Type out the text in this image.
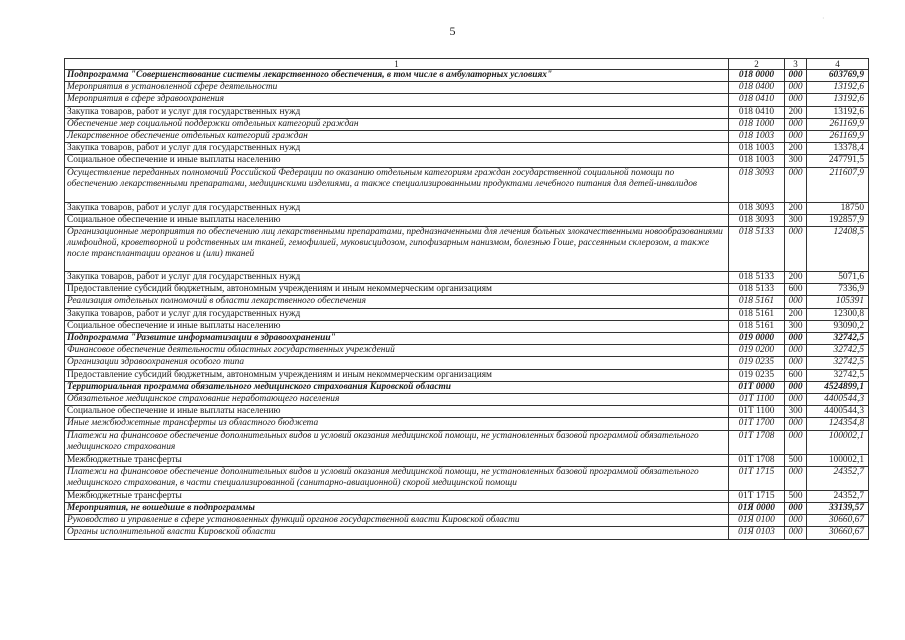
5
1	2	3	4
Подпрограмма "Совершенствование системы лекарственного обеспечения, в том числе в амбулаторных условиях"	018 0000	000	603769,9
Мероприятия в установленной сфере деятельности	018 0400	000	13192,6
Мероприятия в сфере здравоохранения	018 0410	000	13192,6
Закупка товаров, работ и услуг для государственных нужд	018 0410	200	13192,6
Обеспечение мер социальной поддержки отдельных категорий граждан	018 1000	000	261169,9
Лекарственное обеспечение отдельных категорий граждан	018 1003	000	261169,9
Закупка товаров, работ и услуг для государственных нужд	018 1003	200	13378,4
Социальное обеспечение и иные выплаты населению	018 1003	300	247791,5
Осуществление переданных полномочий Российской Федерации по оказанию отдельным категориям граждан государственной социальной помощи по обеспечению лекарственными препаратами, медицинскими изделиями, а также специализированными продуктами лечебного питания для детей-инвалидов	018 3093	000	211607,9
Закупка товаров, работ и услуг для государственных нужд	018 3093	200	18750
Социальное обеспечение и иные выплаты населению	018 3093	300	192857,9
Организационные мероприятия по обеспечению лиц лекарственными препаратами, предназначенными для лечения больных злокачественными новообразованиями лимфоидной, кроветворной и родственных им тканей, гемофилией, муковисцидозом, гипофизарным нанизмом, болезнью Гоше, рассеянным склерозом, а также после трансплантации органов и (или) тканей	018 5133	000	12408,5
Закупка товаров, работ и услуг для государственных нужд	018 5133	200	5071,6
Предоставление субсидий бюджетным, автономным учреждениям и иным некоммерческим организациям	018 5133	600	7336,9
Реализация отдельных полномочий в области лекарственного обеспечения	018 5161	000	105391
Закупка товаров, работ и услуг для государственных нужд	018 5161	200	12300,8
Социальное обеспечение и иные выплаты населению	018 5161	300	93090,2
Подпрограмма "Развитие информатизации в здравоохранении"	019 0000	000	32742,5
Финансовое обеспечение деятельности областных государственных учреждений	019 0200	000	32742,5
Организации здравоохранения особого типа	019 0235	000	32742,5
Предоставление субсидий бюджетным, автономным учреждениям и иным некоммерческим организациям	019 0235	600	32742,5
Территориальная программа обязательного медицинского страхования Кировской области	01Т 0000	000	4524899,1
Обязательное медицинское страхование неработающего населения	01Т 1100	000	4400544,3
Социальное обеспечение и иные выплаты населению	01Т 1100	300	4400544,3
Иные межбюджетные трансферты из областного бюджета	01Т 1700	000	124354,8
Платежи на финансовое обеспечение дополнительных видов и условий оказания медицинской помощи, не установленных базовой программой обязательного медицинского страхования	01Т 1708	000	100002,1
Межбюджетные трансферты	01Т 1708	500	100002,1
Платежи на финансовое обеспечение дополнительных видов и условий оказания медицинской помощи, не установленных базовой программой обязательного медицинского страхования, в части специализированной (санитарно-авиационной) скорой медицинской помощи	01Т 1715	000	24352,7
Межбюджетные трансферты	01Т 1715	500	24352,7
Мероприятия, не вошедшие в подпрограммы	01Я 0000	000	33139,57
Руководство и управление в сфере установленных функций органов государственной власти Кировской области	01Я 0100	000	30660,67
Органы исполнительной власти Кировской области	01Я 0103	000	30660,67
·
